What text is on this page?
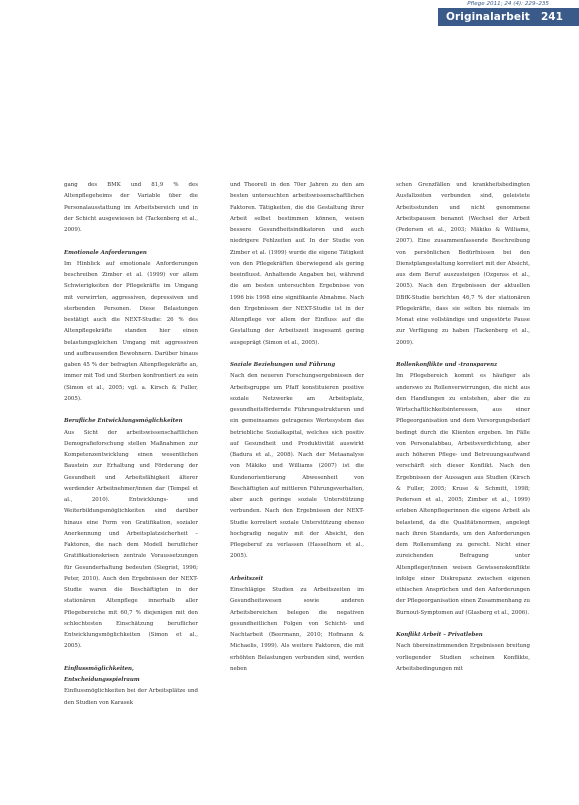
Pflege 2011; 24 (4): 229–235
Originalarbeit 241

gang des BMK und 81,9 % des Altenpflegeheims der Variable über die Personalausstattung im Arbeitsbereich und in der Schicht ausgewiesen ist (Tackenberg et al., 2009).

Emotionale Anforderungen

Im Hinblick auf emotionale Anforderungen beschreiben Zimber et al. (1999) vor allem Schwierigkeiten der Pflegekräfte im Umgang mit verwirrten, aggressiven, depressiven und sterbenden Personen. Diese Belastungen bestätigt auch die NEXT-Studie: 26 % des Altenpflegekräfte standen hier einen belastungsgleichen Umgang mit aggressiven und aufbrausenden Bewohnern. Darüber hinaus gaben 45 % der befragten Altenpflegekräfte an, immer mit Tod und Sterben konfrontiert zu sein (Simon et al., 2005; vgl. a. Kirsch & Fuller, 2005).

Berufliche Entwicklungsmöglichkeiten

Aus Sicht der arbeitswissenschaftlichen Demografieforschung stellen Maßnahmen zur Kompetenzentwicklung einen wesentlichen Baustein zur Erhaltung und Förderung der Gesundheit und Arbeitsfähigkeit älterer werdender Arbeitnehmer/innen dar (Tempel et al., 2010). Entwicklungs- und Weiterbildungsmöglichkeiten sind darüber hinaus eine Form von Gratifikation, sozialer Anerkennung und Arbeitsplatzsicherheit – Faktoren, die nach dem Modell beruflicher Gratifikationskrisen zentrale Voraussetzungen für Gesunderhaltung bedeuten (Siegrist, 1996; Peter, 2010). Auch den Ergebnissen der NEXT-Studie waren die Beschäftigten in der stationären Altenpflege innerhalb aller Pflegebereiche mit 60,7 % diejenigen mit den schlechtesten Einschätzung beruflicher Entwicklungsmöglichkeiten (Simon et al., 2005).

Einflussmöglichkeiten, Entscheidungsspielraum

Einflussmöglichkeiten bei der Arbeitsplätze und den Studien von Karasek

und Theorell in den 70er Jahren zu den am besten untersuchten arbeitswissenschaftlichen Faktoren. Tätigkeiten, die die Gestaltung ihrer Arbeit selbst bestimmen können, weisen bessere Gesundheitsindikatoren und auch niedrigere Fehlzeiten auf. In der Studie von Zimber et al. (1999) wurde die eigene Tätigkeit von den Pflegekräften überwiegend als gering beeinflusst. Anhaltende Angaben bei, während die am besten untersuchten Ergebnisse von 1996 bis 1998 eine signifikante Abnahme. Nach den Ergebnissen der NEXT-Studie ist in der Altenpflege vor allem der Einfluss auf die Gestaltung der Arbeitszeit insgesamt gering ausgeprägt (Simon et al., 2005).

Soziale Beziehungen und Führung

Nach den neueren Forschungsergebnissen der Arbeitsgruppe um Pfaff konstituieren positive soziale Netzwerke am Arbeitsplatz, gesundheitsfördernde Führungsstrukturen und ein gemeinsames getragenes Wertesystem das betriebliche Sozialkapital, welches sich positiv auf Gesundheit und Produktivität auswirkt (Badura et al., 2008). Nach der Metaanalyse von Mäkiko und Williams (2007) ist die Kundenorientierung Abwesenheit von Beschäftigten auf mittleren Führungsverhalten, aber auch geringe soziale Unterstützung verbunden. Nach den Ergebnissen der NEXT-Studie korreliert soziale Unterstützung ebenso hochgradig negativ mit der Absicht, den Pflegeberuf zu verlassen (Hasselhorn et al., 2005).

Arbeitszeit

Einschlägige Studien zu Arbeitszeiten im Gesundheitswesen sowie anderen Arbeitsbereichen belegen die negativen gesundheitlichen Folgen von Schicht- und Nachtarbeit (Beermann, 2010; Hofmann & Michaelis, 1999). Als weitere Faktoren, die mit erhöhten Belastungen verbunden sind, werden neben

schen Grenzfällen und krankheitsbedingten Ausfallzeiten verbunden sind, geleistete Arbeitsstunden und nicht genommene Arbeitspausen benannt (Wechsel der Arbeit (Pedersen et al., 2003; Mäkiko & Williams, 2007). Eine zusammenfassende Beschreibung von persönlichen Bedürfnissen bei den Dienstplangestaltung korreliert mit der Absicht, aus dem Beruf auszusteigen (Ozgenss et al., 2005). Nach den Ergebnissen der aktuellen DBfK-Studie berichten 46,7 % der stationären Pflegekräfte, dass sie selten bis niemals im Monat eine vollständige und ungestörte Pause zur Verfügung zu haben (Tackenberg et al., 2009).

Rollenkonflikte und -transparenz

Im Pflegebereich kommt es häufiger als anderswo zu Rollenverwirrungen, die nicht aus den Handlungen zu entstehen, aber die zu Wirtschaftlichkeitsinteressen, aus einer Pflegeorganisation und dem Versorgungsbedarf bedingt durch die Klienten ergeben. Im Fälle von Personalabbau, Arbeitsverdichtung, aber auch höheren Pflege- und Betreuungsaufwand verschärft sich dieser Konflikt. Nach den Ergebnissen der Aussagen aus Studien (Kirsch & Fuller, 2005; Kruse & Schmitt, 1998; Pedersen et al., 2005; Zimber et al., 1999) erleben Altenpflegerinnen die eigene Arbeit als belastend, da die Qualitätsnormen, angelegt nach ihren Standards, um den Anforderungen dem Rollenumfang zu gerecht. Nicht einer zureichenden Befragung unter Altenpfleger/innen weisen Gewissenskonflikte infolge einer Diskrepanz zwischen eigenen ethischen Ansprüchen und den Anforderungen der Pflegeorganisation einen Zusammenhang zu Burnout-Symptomen auf (Glasberg et al., 2006).

Konflikt Arbeit – Privatleben

Nach übereinstimmenden Ergebnissen breitung vorliegender Studien scheinen Konflikte, Arbeitsbedingungen mit
